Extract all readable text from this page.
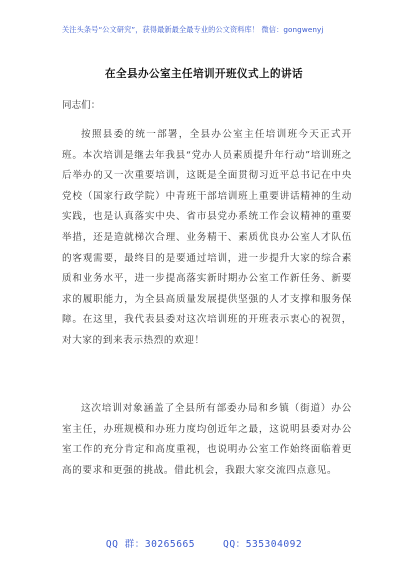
关注头条号“公文研究”，获得最新最全最专业的公文资料库！ 微信：gongwenyj
在全县办公室主任培训开班仪式上的讲话
同志们：
按照县委的统一部署，全县办公室主任培训班今天正式开班。本次培训是继去年我县“党办人员素质提升年行动”培训班之后举办的又一次重要培训，这既是全面贯彻习近平总书记在中央党校（国家行政学院）中青班干部培训班上重要讲话精神的生动实践，也是认真落实中央、省市县党办系统工作会议精神的重要举措，还是造就梯次合理、业务精干、素质优良办公室人才队伍的客观需要，最终目的是要通过培训，进一步提升大家的综合素质和业务水平，进一步提高落实新时期办公室工作新任务、新要求的履职能力，为全县高质量发展提供坚强的人才支撑和服务保障。在这里，我代表县委对这次培训班的开班表示衷心的祝贺，对大家的到来表示热烈的欢迎！
这次培训对象涵盖了全县所有部委办局和乡镇（街道）办公室主任，办班规模和办班力度均创近年之最，这说明县委对办公室工作的充分肯定和高度重视，也说明办公室工作始终面临着更高的要求和更强的挑战。借此机会，我跟大家交流四点意见。
QQ 群：30265665	QQ：535304092
